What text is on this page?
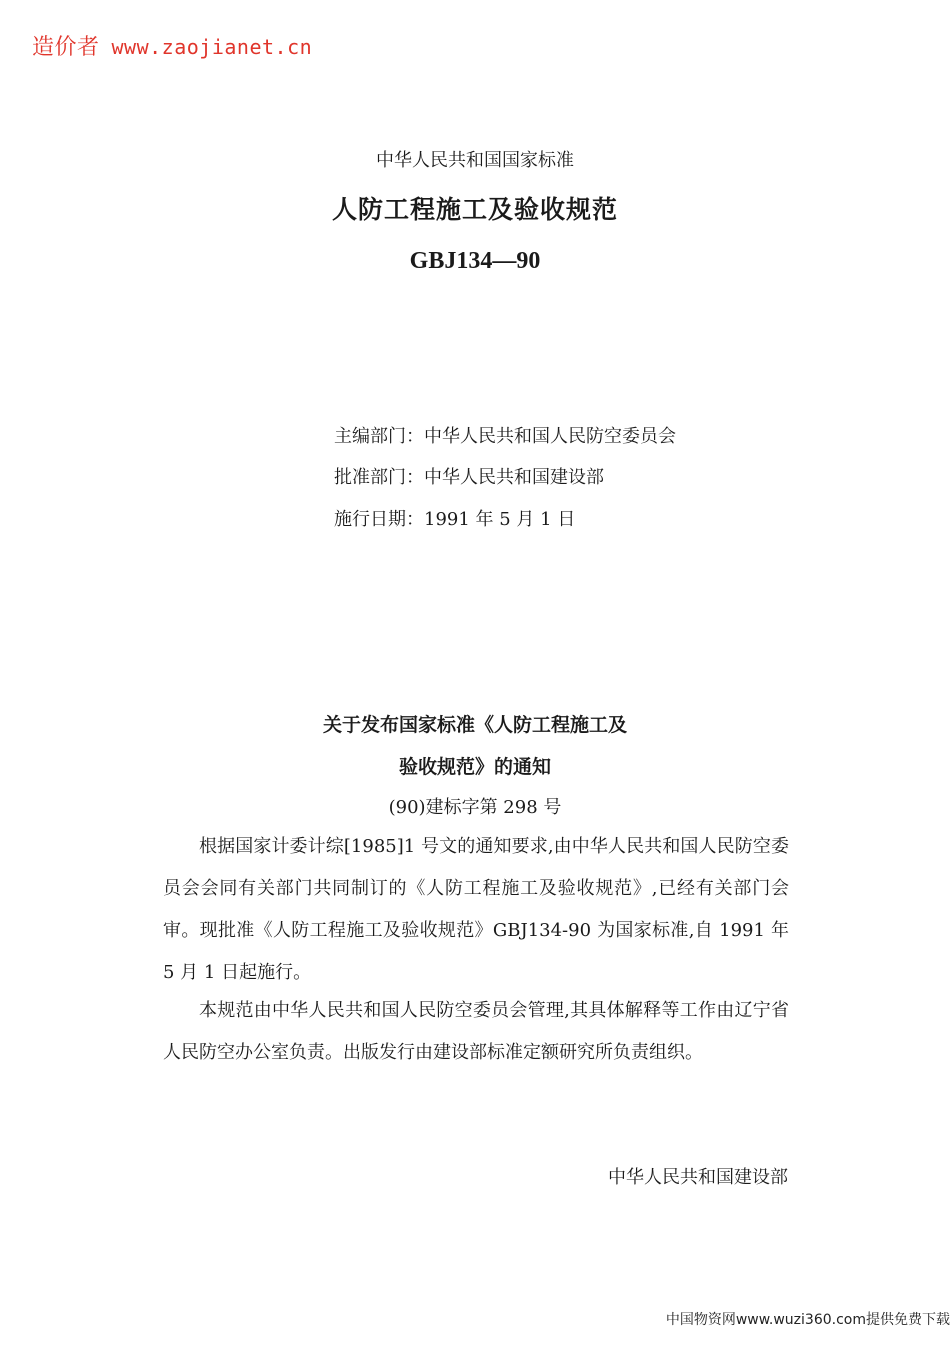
造价者 www.zaojianet.cn
中华人民共和国国家标准
人防工程施工及验收规范
GBJ134—90
主编部门：中华人民共和国人民防空委员会
批准部门：中华人民共和国建设部
施行日期：1991 年 5 月 1 日
关于发布国家标准《人防工程施工及
验收规范》的通知
(90)建标字第 298 号

根据国家计委计综[1985]1 号文的通知要求,由中华人民共和国人民防空委员会会同有关部门共同制订的《人防工程施工及验收规范》,已经有关部门会审。现批准《人防工程施工及验收规范》GBJ134-90 为国家标准,自 1991 年 5 月 1 日起施行。

本规范由中华人民共和国人民防空委员会管理,其具体解释等工作由辽宁省人民防空办公室负责。出版发行由建设部标准定额研究所负责组织。

中华人民共和国建设部
中国物资网www.wuzi360.com提供免费下载
